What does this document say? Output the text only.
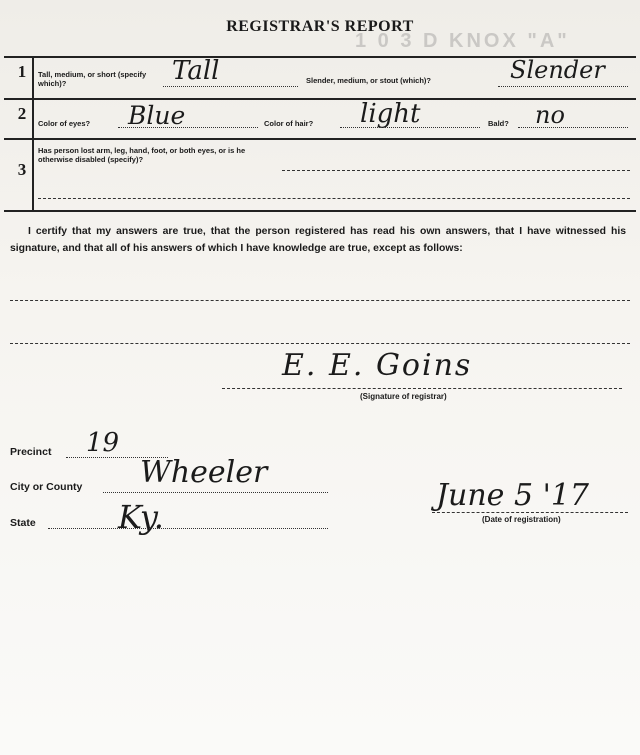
REGISTRAR'S REPORT
1 0 3 D KNOX "A"
1	Tall, medium, or short (specify which)?	Tall	Slender, medium, or stout (which)?	Slender
2
Color of eyes? Blue	Color of hair? light	Bald? no
3
Has person lost arm, leg, hand, foot, or both eyes, or is he otherwise disabled (specify)?
I certify that my answers are true, that the person registered has read his own answers, that I have witnessed his signature, and that all of his answers of which I have knowledge are true, except as follows:
E. E. Goins
(Signature of registrar)
Precinct 19
City or County Wheeler
State	Ky.
June 5 '17
(Date of registration)
